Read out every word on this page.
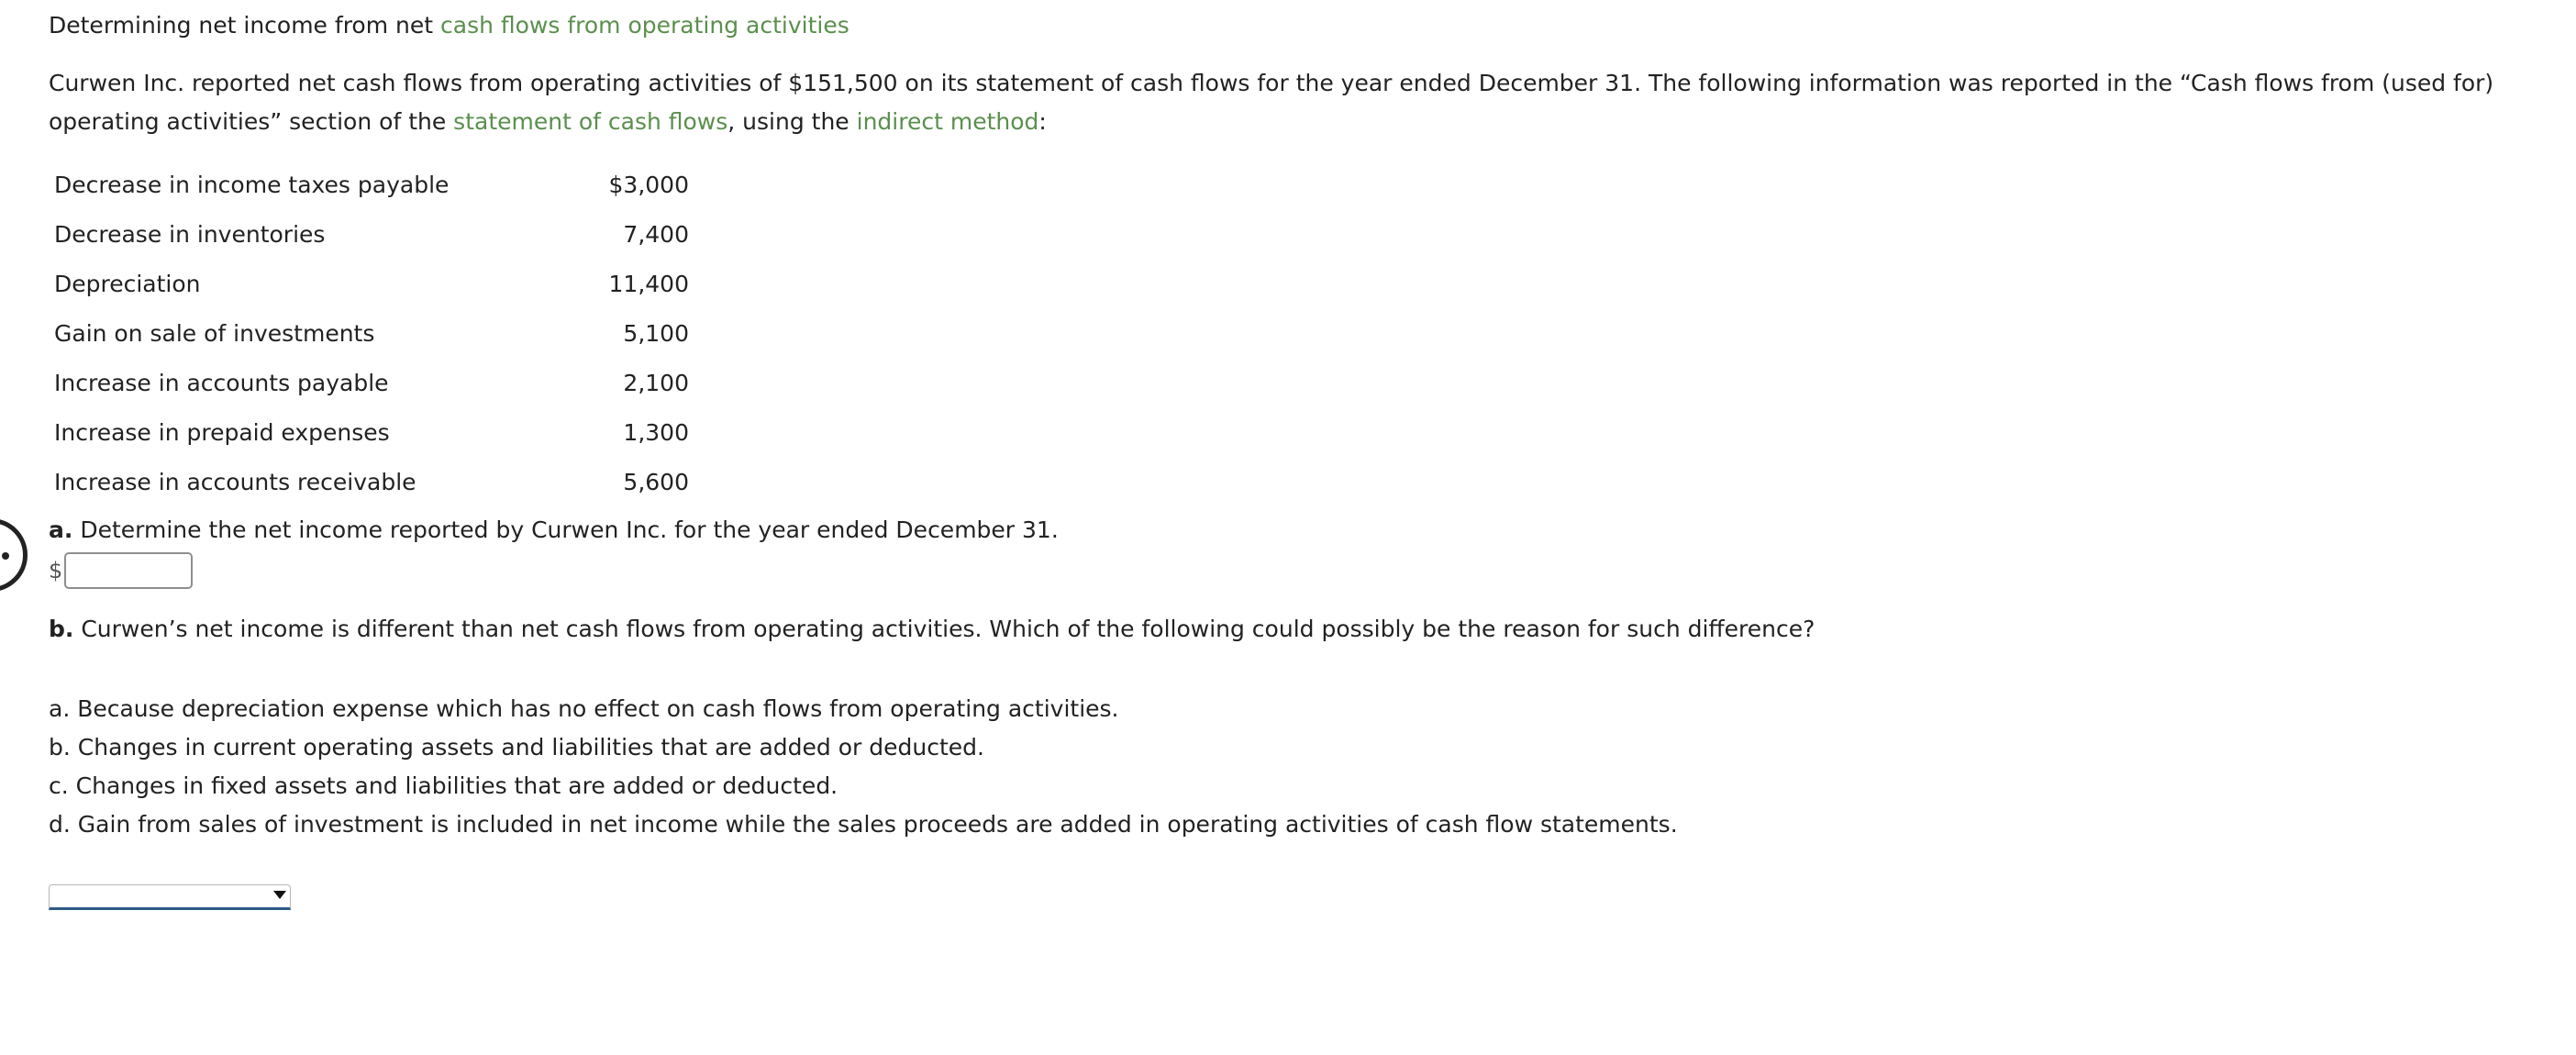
Determining net income from net cash flows from operating activities
Curwen Inc. reported net cash flows from operating activities of $151,500 on its statement of cash flows for the year ended December 31. The following information was reported in the “Cash flows from (used for) operating activities” section of the statement of cash flows, using the indirect method:
Decrease in income taxes payable	$3,000
Decrease in inventories	7,400
Depreciation	11,400
Gain on sale of investments	5,100
Increase in accounts payable	2,100
Increase in prepaid expenses	1,300
Increase in accounts receivable	5,600
a. Determine the net income reported by Curwen Inc. for the year ended December 31.
$
b. Curwen’s net income is different than net cash flows from operating activities. Which of the following could possibly be the reason for such difference?
a. Because depreciation expense which has no effect on cash flows from operating activities.
b. Changes in current operating assets and liabilities that are added or deducted.
c. Changes in fixed assets and liabilities that are added or deducted.
d. Gain from sales of investment is included in net income while the sales proceeds are added in operating activities of cash flow statements.
